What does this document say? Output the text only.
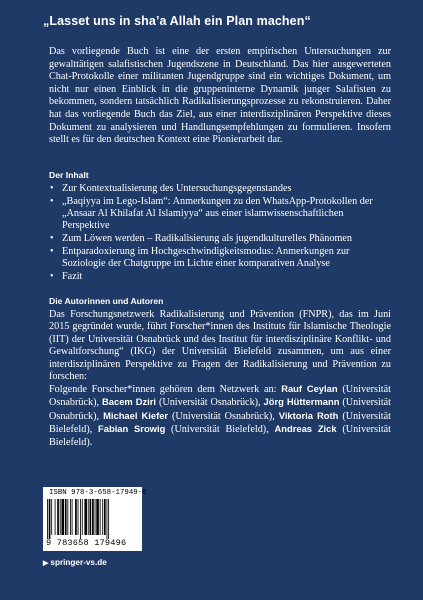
„Lasset uns in sha’a Allah ein Plan machen“
Das vorliegende Buch ist eine der ersten empirischen Untersuchungen zur gewalttätigen salafistischen Jugendszene in Deutschland. Das hier ausgewerteten Chat-Protokolle einer militanten Jugendgruppe sind ein wichtiges Dokument, um nicht nur einen Einblick in die gruppeninterne Dynamik junger Salafisten zu bekommen, sondern tatsächlich Radikalisierungsprozesse zu rekonstruieren. Daher hat das vorliegende Buch das Ziel, aus einer interdisziplinären Perspektive dieses Dokument zu analysieren und Handlungsempfehlungen zu formulieren. Insofern stellt es für den deutschen Kontext eine Pionierarbeit dar.
Der Inhalt
• Zur Kontextualisierung des Untersuchungsgegenstandes
• „Baqiyya im Lego-Islam“: Anmerkungen zu den WhatsApp-Protokollen der „Ansaar Al Khilafat Al Islamiyya“ aus einer islamwissenschaftlichen Perspektive
• Zum Löwen werden – Radikalisierung als jugendkulturelles Phänomen
• Entparadoxierung im Hochgeschwindigkeitsmodus: Anmerkungen zur Soziologie der Chatgruppe im Lichte einer komparativen Analyse
• Fazit
Die Autorinnen und Autoren
Das Forschungsnetzwerk Radikalisierung und Prävention (FNPR), das im Juni 2015 gegründet wurde, führt Forscher*innen des Instituts für Islamische Theologie (IIT) der Universität Osnabrück und des Institut für interdisziplinäre Konflikt- und Gewaltforschung“ (IKG) der Universität Bielefeld zusammen, um aus einer interdisziplinären Perspektive zu Fragen der Radikalisierung und Prävention zu forschen:
Folgende Forscher*innen gehören dem Netzwerk an: Rauf Ceylan (Universität Osnabrück), Bacem Dziri (Universität Osnabrück), Jörg Hüttermann (Universität Osnabrück), Michael Kiefer (Universität Osnabrück), Viktoria Roth (Universität Bielefeld), Fabian Srowig (Universität Bielefeld), Andreas Zick (Universität Bielefeld).
ISBN 978-3-658-17949-6
9 783658 179496
▶ springer-vs.de
